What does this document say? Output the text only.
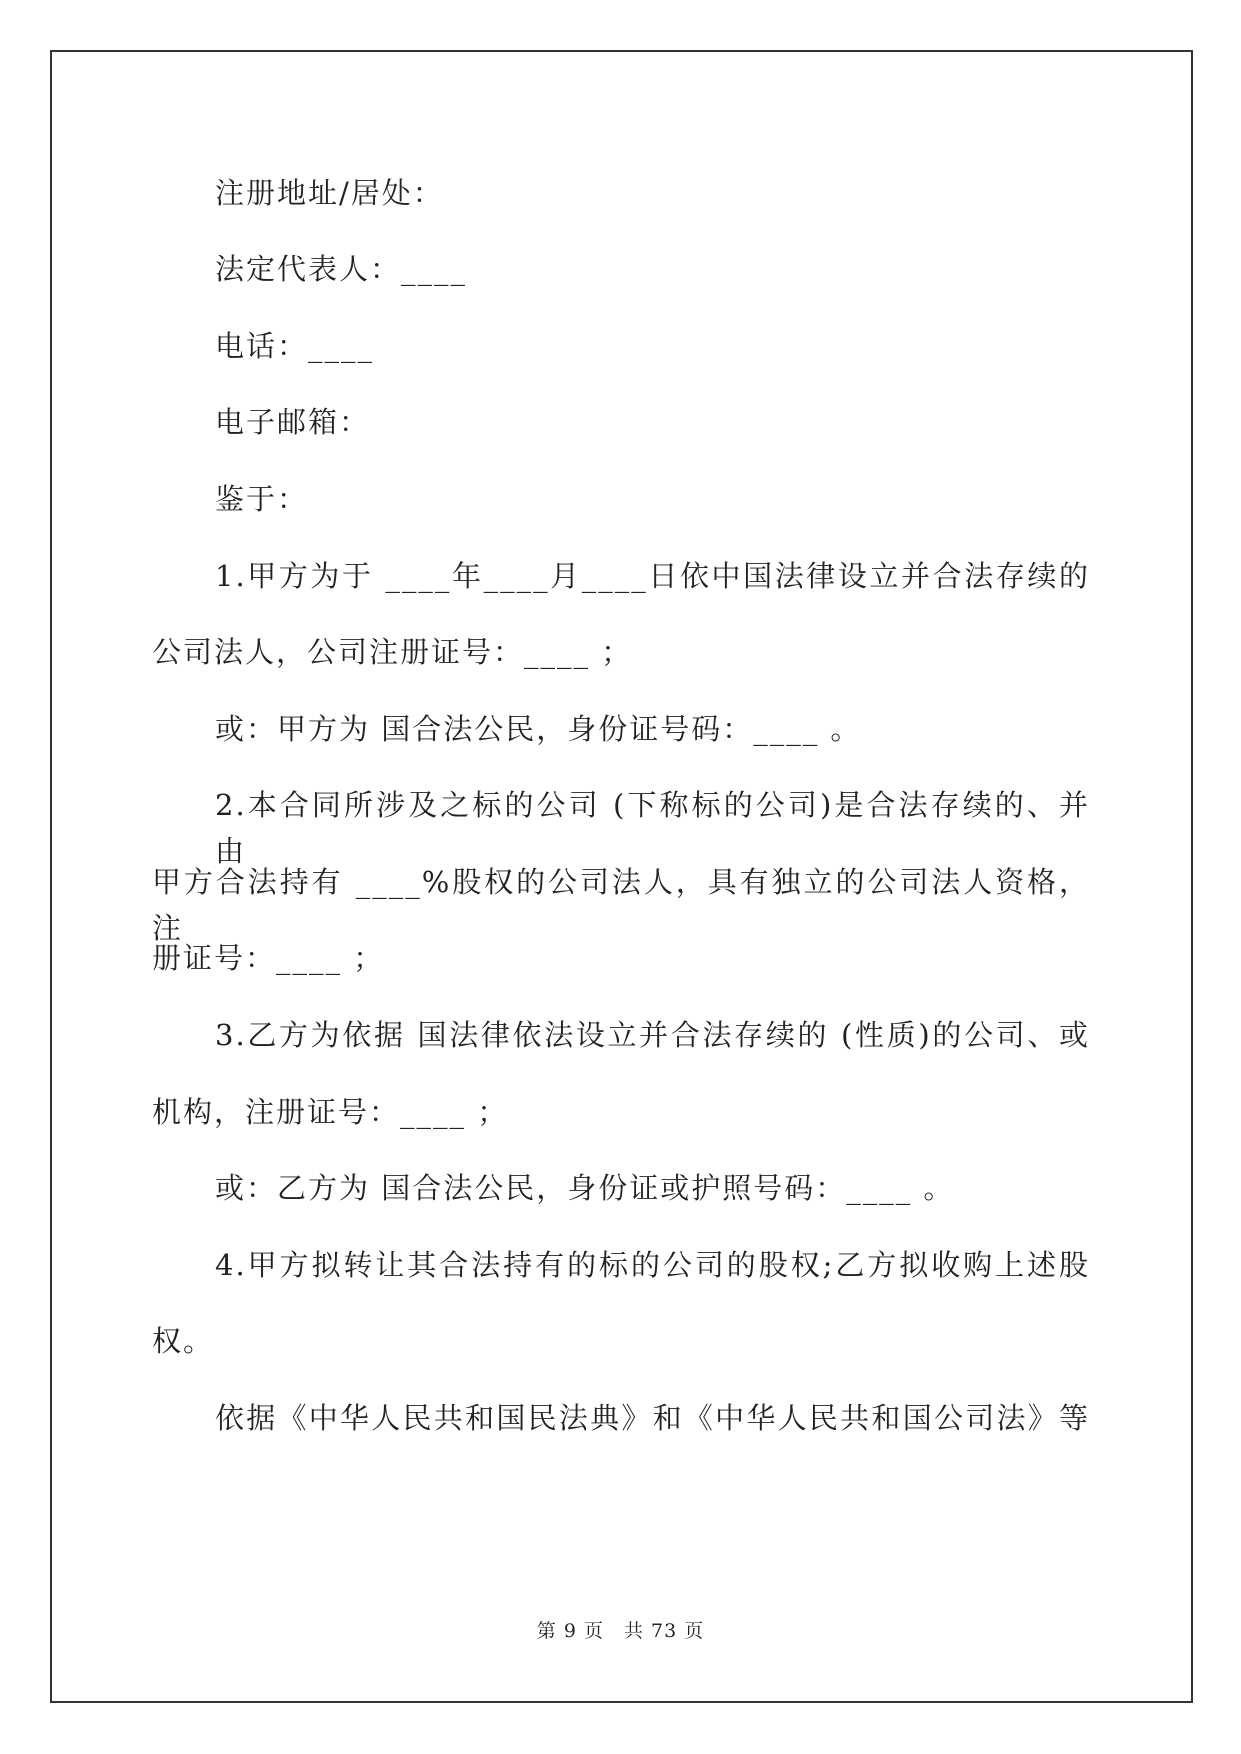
注册地址/居处：
法定代表人：____
电话：____
电子邮箱：
鉴于：
1.甲方为于 ____年____月____日依中国法律设立并合法存续的
公司法人，公司注册证号：____ ；
或：甲方为 国合法公民，身份证号码：____ 。
2.本合同所涉及之标的公司 (下称标的公司)是合法存续的、并由
甲方合法持有 ____%股权的公司法人，具有独立的公司法人资格，注
册证号：____ ；
3.乙方为依据 国法律依法设立并合法存续的 (性质)的公司、或
机构，注册证号：____ ；
或：乙方为 国合法公民，身份证或护照号码：____ 。
4.甲方拟转让其合法持有的标的公司的股权;乙方拟收购上述股
权。
依据《中华人民共和国民法典》和《中华人民共和国公司法》等
第 9 页　共 73 页
